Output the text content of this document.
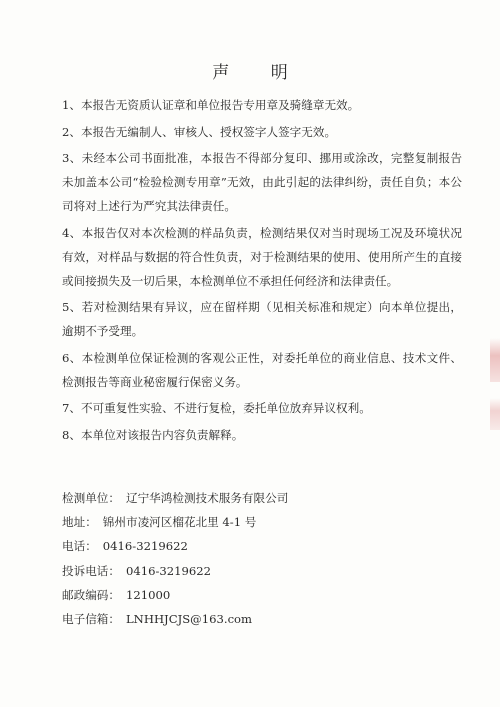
声 明

1、本报告无资质认证章和单位报告专用章及骑缝章无效。

2、本报告无编制人、审核人、授权签字人签字无效。

3、未经本公司书面批准，本报告不得部分复印、挪用或涂改，完整复制报告未加盖本公司“检验检测专用章”无效，由此引起的法律纠纷，责任自负；本公司将对上述行为严究其法律责任。

4、本报告仅对本次检测的样品负责，检测结果仅对当时现场工况及环境状况有效，对样品与数据的符合性负责，对于检测结果的使用、使用所产生的直接或间接损失及一切后果，本检测单位不承担任何经济和法律责任。

5、若对检测结果有异议，应在留样期（见相关标准和规定）向本单位提出，逾期不予受理。

6、本检测单位保证检测的客观公正性，对委托单位的商业信息、技术文件、检测报告等商业秘密履行保密义务。

7、不可重复性实验、不进行复检，委托单位放弃异议权利。

8、本单位对该报告内容负责解释。

检测单位： 辽宁华鸿检测技术服务有限公司
地址： 锦州市凌河区榴花北里 4-1 号
电话： 0416-3219622
投诉电话： 0416-3219622
邮政编码： 121000
电子信箱： LNHHJCJS@163.com
